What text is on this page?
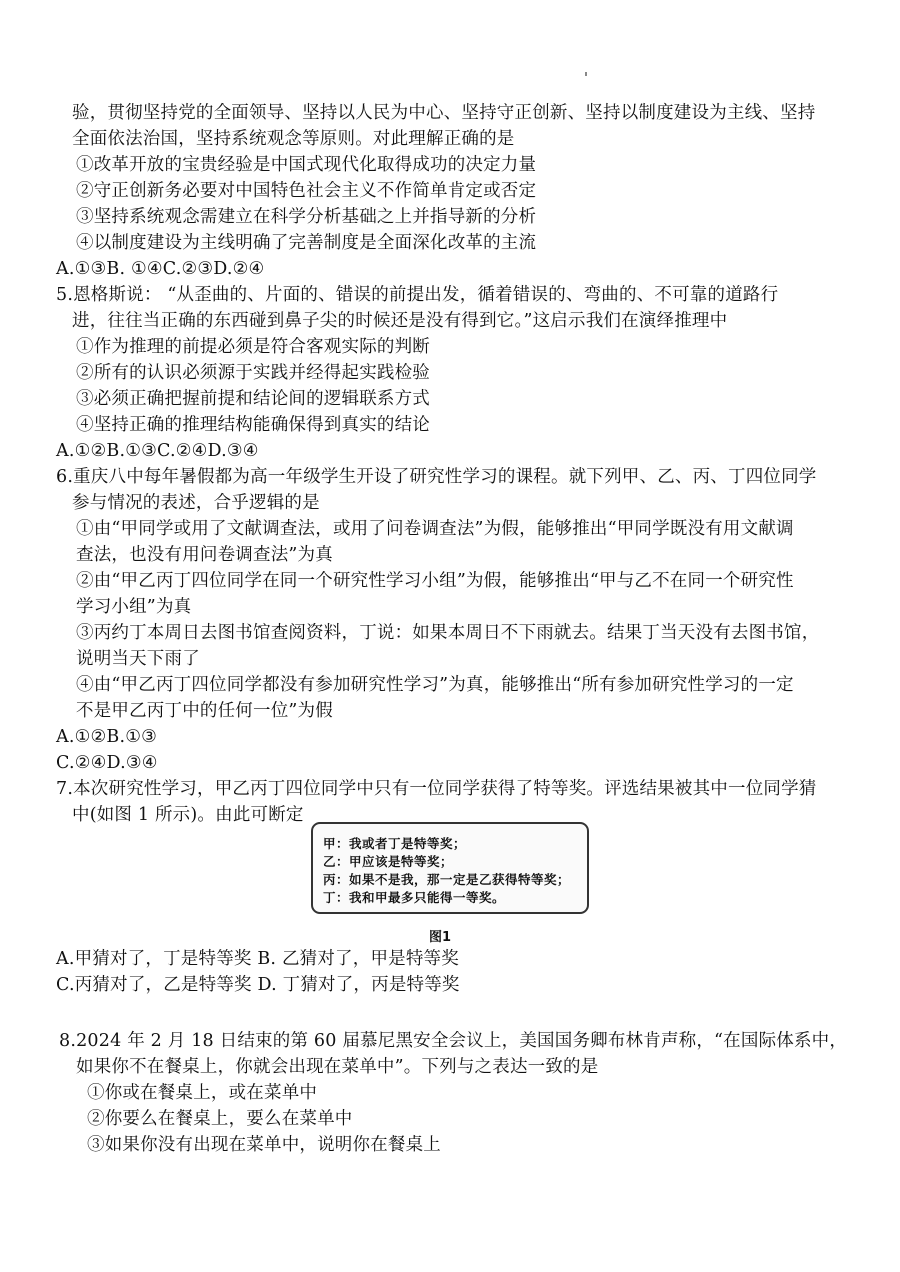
验，贯彻坚持党的全面领导、坚持以人民为中心、坚持守正创新、坚持以制度建设为主线、坚持
全面依法治国，坚持系统观念等原则。对此理解正确的是
①改革开放的宝贵经验是中国式现代化取得成功的决定力量
②守正创新务必要对中国特色社会主义不作简单肯定或否定
③坚持系统观念需建立在科学分析基础之上并指导新的分析
④以制度建设为主线明确了完善制度是全面深化改革的主流
A.①③B. ①④C.②③D.②④
5.恩格斯说： “从歪曲的、片面的、错误的前提出发，循着错误的、弯曲的、不可靠的道路行
进，往往当正确的东西碰到鼻子尖的时候还是没有得到它。”这启示我们在演绎推理中
①作为推理的前提必须是符合客观实际的判断
②所有的认识必须源于实践并经得起实践检验
③必须正确把握前提和结论间的逻辑联系方式
④坚持正确的推理结构能确保得到真实的结论
A.①②B.①③C.②④D.③④
6.重庆八中每年暑假都为高一年级学生开设了研究性学习的课程。就下列甲、乙、丙、丁四位同学
参与情况的表述，合乎逻辑的是
①由“甲同学或用了文献调查法，或用了问卷调查法”为假，能够推出“甲同学既没有用文献调
查法，也没有用问卷调查法”为真
②由“甲乙丙丁四位同学在同一个研究性学习小组”为假，能够推出“甲与乙不在同一个研究性
学习小组”为真
③丙约丁本周日去图书馆查阅资料，丁说：如果本周日不下雨就去。结果丁当天没有去图书馆，
说明当天下雨了
④由“甲乙丙丁四位同学都没有参加研究性学习”为真，能够推出“所有参加研究性学习的一定
不是甲乙丙丁中的任何一位”为假
A.①②B.①③
C.②④D.③④
7.本次研究性学习，甲乙丙丁四位同学中只有一位同学获得了特等奖。评选结果被其中一位同学猜
中(如图 1 所示)。由此可断定
甲：我或者丁是特等奖；
乙：甲应该是特等奖；
丙：如果不是我，那一定是乙获得特等奖；
丁：我和甲最多只能得一等奖。
图1
A.甲猜对了，丁是特等奖 B. 乙猜对了，甲是特等奖
C.丙猜对了，乙是特等奖 D. 丁猜对了，丙是特等奖
8.2024 年 2 月 18 日结束的第 60 届慕尼黑安全会议上，美国国务卿布林肯声称，“在国际体系中，
如果你不在餐桌上，你就会出现在菜单中”。下列与之表达一致的是
①你或在餐桌上，或在菜单中
②你要么在餐桌上，要么在菜单中
③如果你没有出现在菜单中，说明你在餐桌上
